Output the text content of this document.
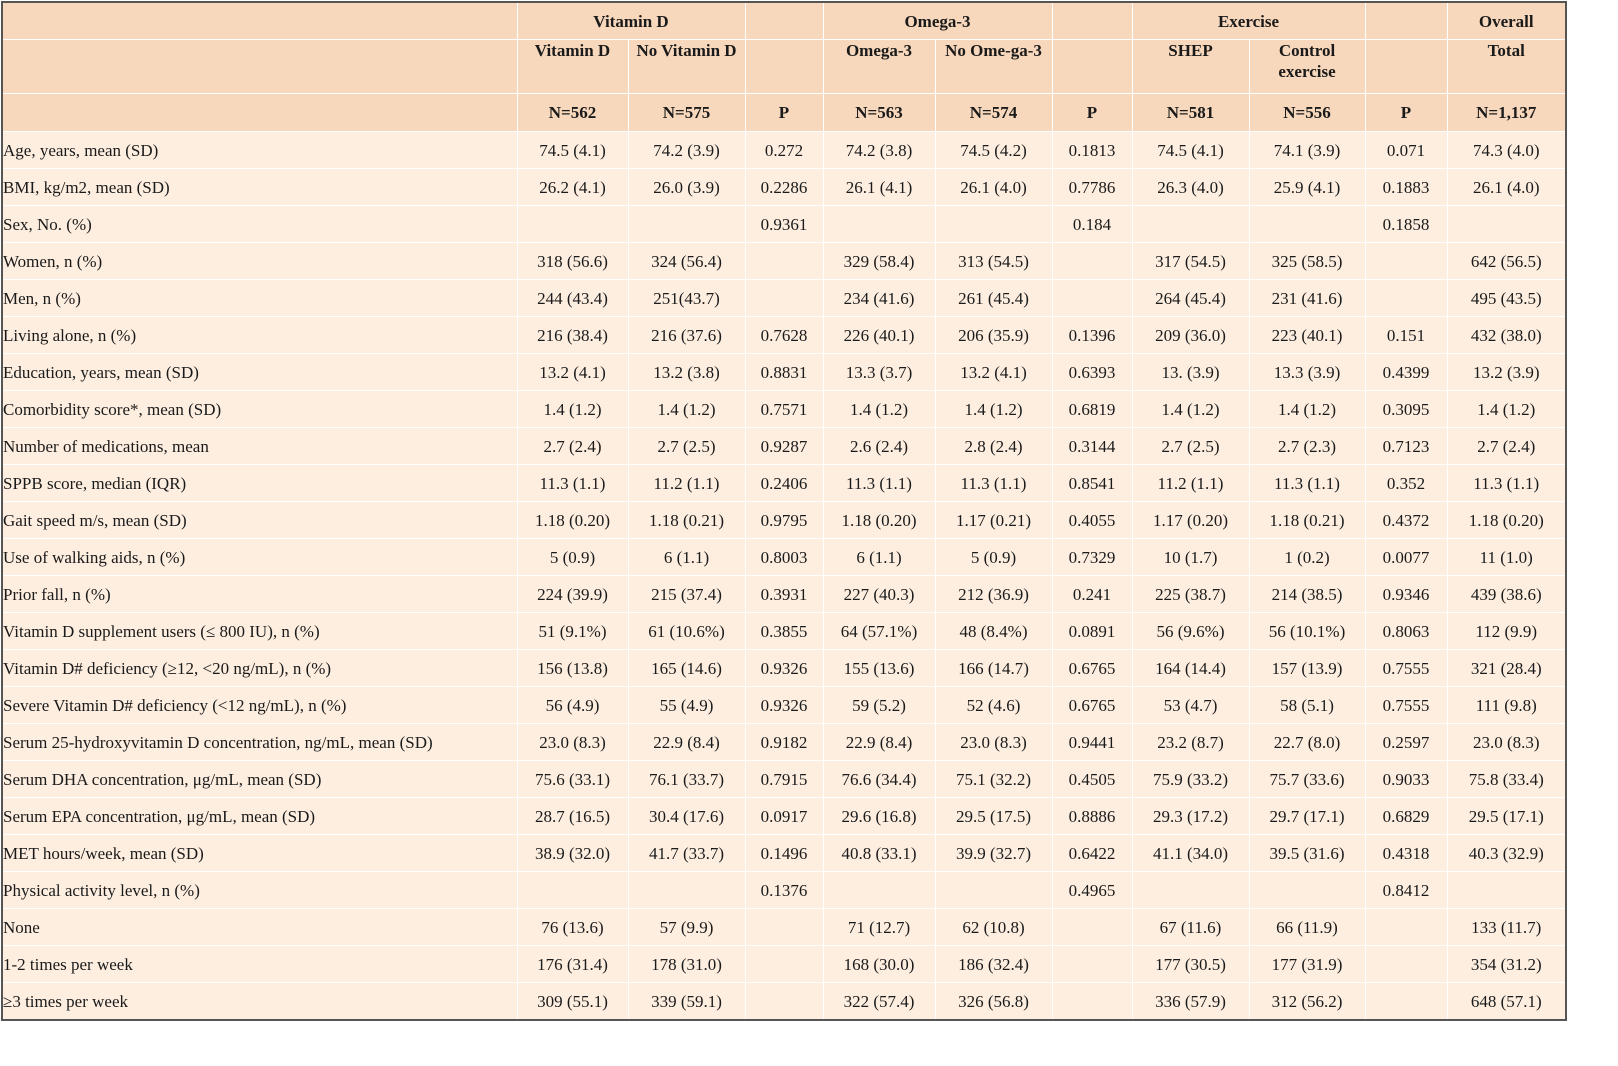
	Vitamin D			Omega-3			Exercise			Overall
	Vitamin D	No Vitamin D		Omega-3	No Ome-ga-3		SHEP	Control exercise		Total
	N=562	N=575	P	N=563	N=574	P	N=581	N=556	P	N=1,137
Age, years, mean (SD)	74.5 (4.1)	74.2 (3.9)	0.272	74.2 (3.8)	74.5 (4.2)	0.1813	74.5 (4.1)	74.1 (3.9)	0.071	74.3 (4.0)
BMI, kg/m2, mean (SD)	26.2 (4.1)	26.0 (3.9)	0.2286	26.1 (4.1)	26.1 (4.0)	0.7786	26.3 (4.0)	25.9 (4.1)	0.1883	26.1 (4.0)
Sex, No. (%)			0.9361			0.184			0.1858	
Women, n (%)	318 (56.6)	324 (56.4)		329 (58.4)	313 (54.5)		317 (54.5)	325 (58.5)		642 (56.5)
Men, n (%)	244 (43.4)	251(43.7)		234 (41.6)	261 (45.4)		264 (45.4)	231 (41.6)		495 (43.5)
Living alone, n (%)	216 (38.4)	216 (37.6)	0.7628	226 (40.1)	206 (35.9)	0.1396	209 (36.0)	223 (40.1)	0.151	432 (38.0)
Education, years, mean (SD)	13.2 (4.1)	13.2 (3.8)	0.8831	13.3 (3.7)	13.2 (4.1)	0.6393	13. (3.9)	13.3 (3.9)	0.4399	13.2 (3.9)
Comorbidity score*, mean (SD)	1.4 (1.2)	1.4 (1.2)	0.7571	1.4 (1.2)	1.4 (1.2)	0.6819	1.4 (1.2)	1.4 (1.2)	0.3095	1.4 (1.2)
Number of medications, mean	2.7 (2.4)	2.7 (2.5)	0.9287	2.6 (2.4)	2.8 (2.4)	0.3144	2.7 (2.5)	2.7 (2.3)	0.7123	2.7 (2.4)
SPPB score, median (IQR)	11.3 (1.1)	11.2 (1.1)	0.2406	11.3 (1.1)	11.3 (1.1)	0.8541	11.2 (1.1)	11.3 (1.1)	0.352	11.3 (1.1)
Gait speed m/s, mean (SD)	1.18 (0.20)	1.18 (0.21)	0.9795	1.18 (0.20)	1.17 (0.21)	0.4055	1.17 (0.20)	1.18 (0.21)	0.4372	1.18 (0.20)
Use of walking aids, n (%)	5 (0.9)	6 (1.1)	0.8003	6 (1.1)	5 (0.9)	0.7329	10 (1.7)	1 (0.2)	0.0077	11 (1.0)
Prior fall, n (%)	224 (39.9)	215 (37.4)	0.3931	227 (40.3)	212 (36.9)	0.241	225 (38.7)	214 (38.5)	0.9346	439 (38.6)
Vitamin D supplement users (≤ 800 IU), n (%)	51 (9.1%)	61 (10.6%)	0.3855	64 (57.1%)	48 (8.4%)	0.0891	56 (9.6%)	56 (10.1%)	0.8063	112 (9.9)
Vitamin D# deficiency (≥12, <20 ng/mL), n (%)	156 (13.8)	165 (14.6)	0.9326	155 (13.6)	166 (14.7)	0.6765	164 (14.4)	157 (13.9)	0.7555	321 (28.4)
Severe Vitamin D# deficiency (<12 ng/mL), n (%)	56 (4.9)	55 (4.9)	0.9326	59 (5.2)	52 (4.6)	0.6765	53 (4.7)	58 (5.1)	0.7555	111 (9.8)
Serum 25-hydroxyvitamin D concentration, ng/mL, mean (SD)	23.0 (8.3)	22.9 (8.4)	0.9182	22.9 (8.4)	23.0 (8.3)	0.9441	23.2 (8.7)	22.7 (8.0)	0.2597	23.0 (8.3)
Serum DHA concentration, μg/mL, mean (SD)	75.6 (33.1)	76.1 (33.7)	0.7915	76.6 (34.4)	75.1 (32.2)	0.4505	75.9 (33.2)	75.7 (33.6)	0.9033	75.8 (33.4)
Serum EPA concentration, μg/mL, mean (SD)	28.7 (16.5)	30.4 (17.6)	0.0917	29.6 (16.8)	29.5 (17.5)	0.8886	29.3 (17.2)	29.7 (17.1)	0.6829	29.5 (17.1)
MET hours/week, mean (SD)	38.9 (32.0)	41.7 (33.7)	0.1496	40.8 (33.1)	39.9 (32.7)	0.6422	41.1 (34.0)	39.5 (31.6)	0.4318	40.3 (32.9)
Physical activity level, n (%)			0.1376			0.4965			0.8412	
None	76 (13.6)	57 (9.9)		71 (12.7)	62 (10.8)		67 (11.6)	66 (11.9)		133 (11.7)
1-2 times per week	176 (31.4)	178 (31.0)		168 (30.0)	186 (32.4)		177 (30.5)	177 (31.9)		354 (31.2)
≥3 times per week	309 (55.1)	339 (59.1)		322 (57.4)	326 (56.8)		336 (57.9)	312 (56.2)		648 (57.1)
